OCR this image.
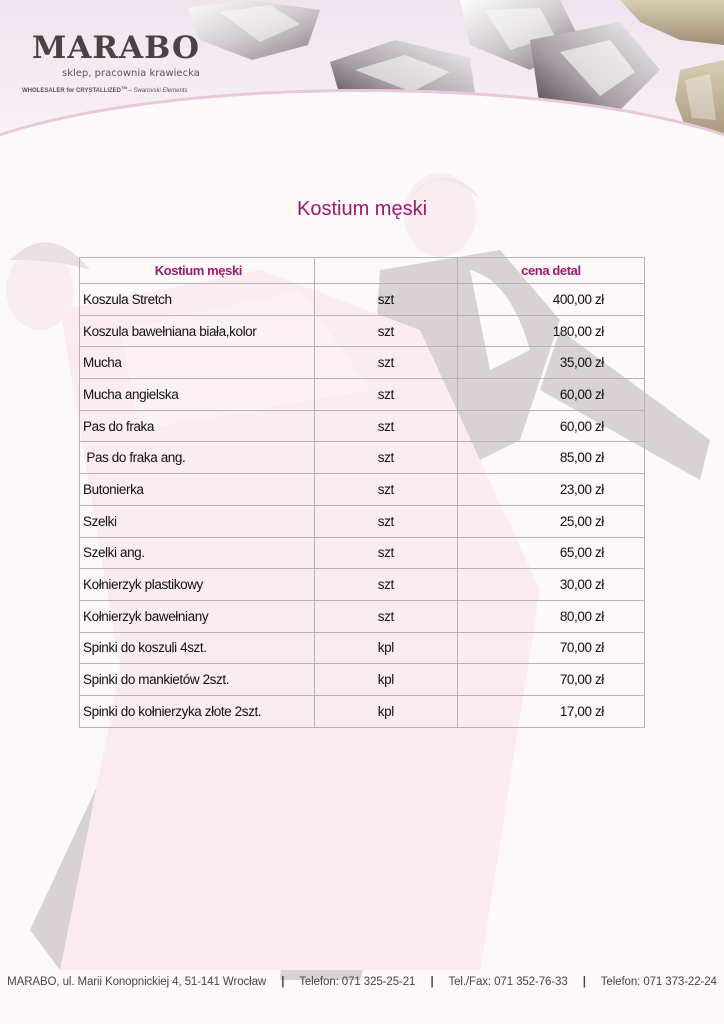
MARABO
sklep, pracownia krawiecka
WHOLESALER for CRYSTALLIZED™ – Swarovski Elements
Kostium męski
Kostium męski		cena detal
Koszula Stretch	szt	400,00 zł
Koszula bawełniana biała,kolor	szt	180,00 zł
Mucha	szt	35,00 zł
Mucha angielska	szt	60,00 zł
Pas do fraka	szt	60,00 zł
Pas do fraka ang.	szt	85,00 zł
Butonierka	szt	23,00 zł
Szelki	szt	25,00 zł
Szelki ang.	szt	65,00 zł
Kołnierzyk plastikowy	szt	30,00 zł
Kołnierzyk bawełniany	szt	80,00 zł
Spinki do koszuli 4szt.	kpl	70,00 zł
Spinki do mankietów 2szt.	kpl	70,00 zł
Spinki do kołnierzyka złote 2szt.	kpl	17,00 zł
MARABO, ul. Marii Konopnickiej 4, 51-141 Wrocław | Telefon: 071 325-25-21 | Tel./Fax: 071 352-76-33 | Telefon: 071 373-22-24
